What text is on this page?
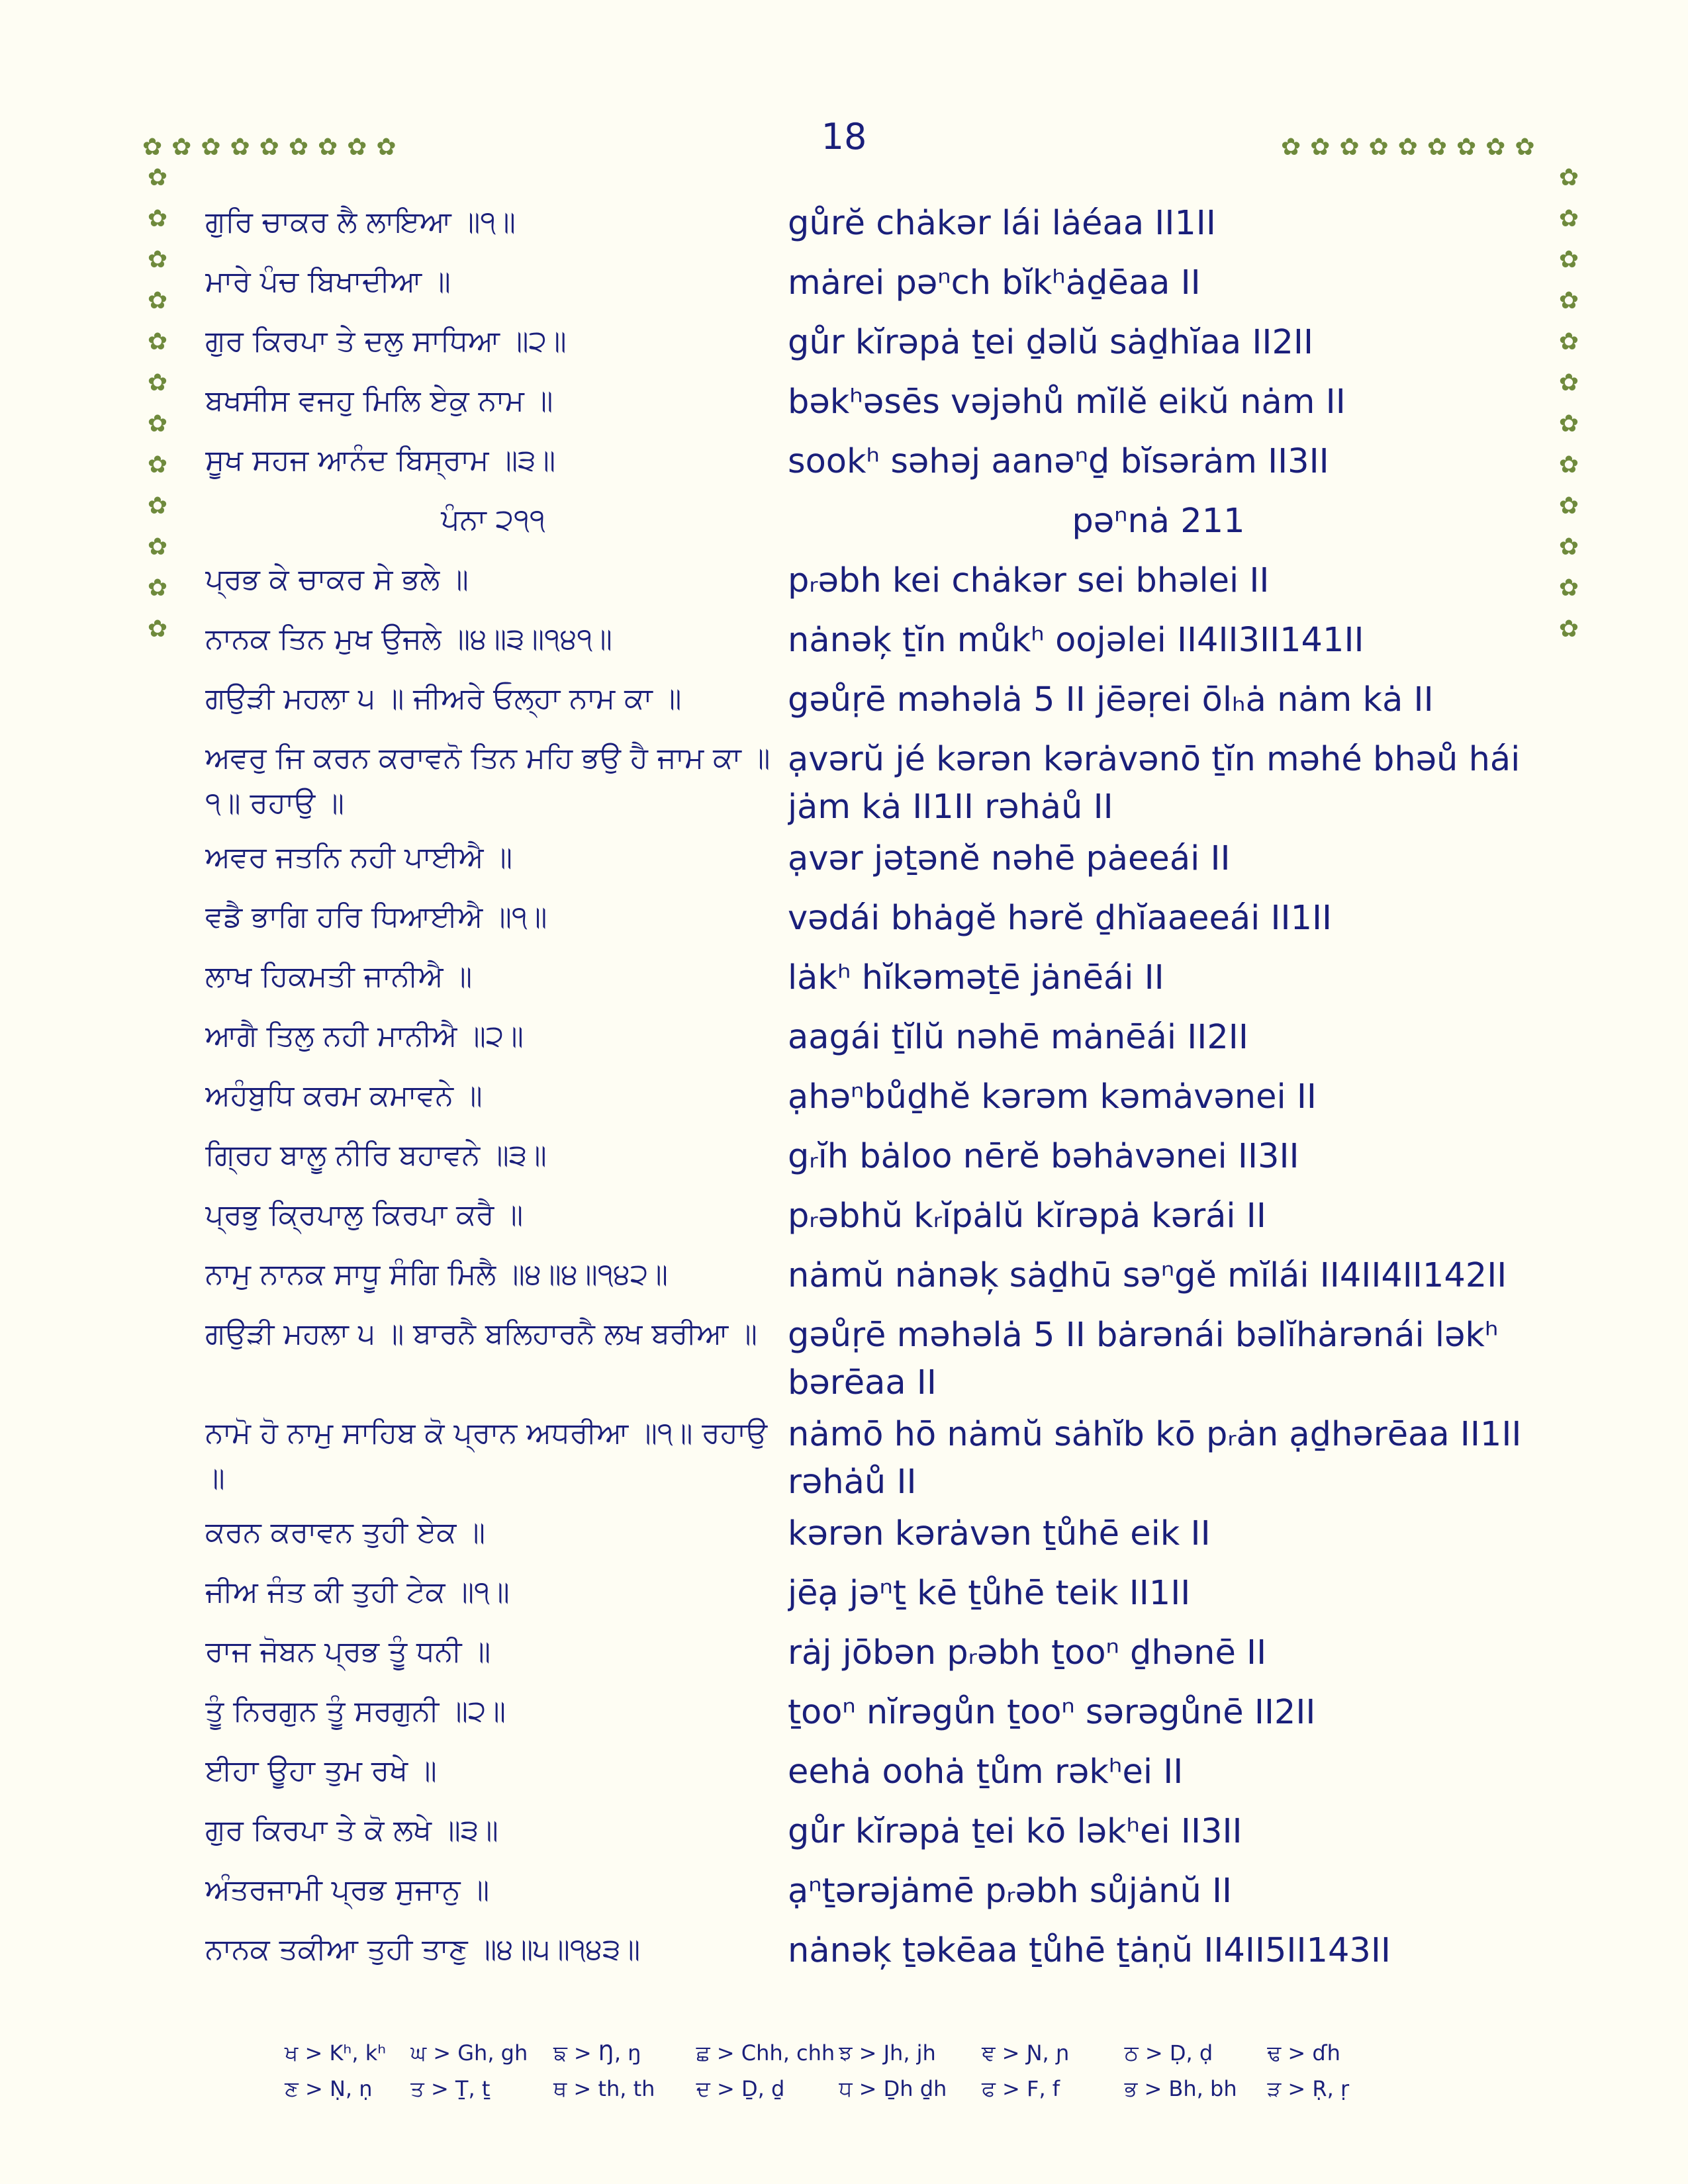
18
✿✿✿✿✿✿✿✿✿	✿✿✿✿✿✿✿✿✿
✿
✿
✿
✿
✿
✿
✿
✿
✿
✿
✿
✿
✿
✿
✿
✿
✿
✿
✿
✿
✿
✿
✿
✿
ਗੁਰਿ ਚਾਕਰ ਲੈ ਲਾਇਆ ॥੧॥	gůrĕ chȧkər lái lȧéaa II1II
ਮਾਰੇ ਪੰਚ ਬਿਖਾਦੀਆ ॥	mȧrei pəⁿch bĭkʰȧḏēaa II
ਗੁਰ ਕਿਰਪਾ ਤੇ ਦਲੁ ਸਾਧਿਆ ॥੨॥	gůr kĭrəpȧ ṯei ḏəlŭ sȧḏhĭaa II2II
ਬਖਸੀਸ ਵਜਹੁ ਮਿਲਿ ਏਕੁ ਨਾਮ ॥	bəkʰəsēs vəjəhů mĭlĕ eikŭ nȧm II
ਸੂਖ ਸਹਜ ਆਨੰਦ ਬਿਸ੍ਰਾਮ ॥੩॥	sookʰ səhəj aanəⁿḏ bĭsərȧm II3II
ਪੰਨਾ ੨੧੧	pəⁿnȧ 211
ਪ੍ਰਭ ਕੇ ਚਾਕਰ ਸੇ ਭਲੇ ॥	pᵣəbh kei chȧkər sei bhəlei II
ਨਾਨਕ ਤਿਨ ਮੁਖ ਉਜਲੇ ॥੪॥੩॥੧੪੧॥	nȧnəķ ṯĭn můkʰ oojəlei II4II3II141II
ਗਉੜੀ ਮਹਲਾ ੫ ॥ ਜੀਅਰੇ ਓਲ੍ਹਾ ਨਾਮ ਕਾ ॥	gəůṛē məhəlȧ 5 II jēəṛei ōlₕȧ nȧm kȧ II
ਅਵਰੁ ਜਿ ਕਰਨ ਕਰਾਵਨੋ ਤਿਨ ਮਹਿ ਭਉ ਹੈ ਜਾਮ ਕਾ ॥੧॥ ਰਹਾਉ ॥
ạvərŭ jé kərən kərȧvənō ṯĭn məhé bhəů hái jȧm kȧ II1II rəhȧů II
ਅਵਰ ਜਤਨਿ ਨਹੀ ਪਾਈਐ ॥	ạvər jəṯənĕ nəhē pȧeeái II
ਵਡੈ ਭਾਗਿ ਹਰਿ ਧਿਆਈਐ ॥੧॥	vədái bhȧgĕ hərĕ ḏhĭaaeeái II1II
ਲਾਖ ਹਿਕਮਤੀ ਜਾਨੀਐ ॥	lȧkʰ hĭkəməṯē jȧnēái II
ਆਗੈ ਤਿਲੁ ਨਹੀ ਮਾਨੀਐ ॥੨॥	aagái ṯĭlŭ nəhē mȧnēái II2II
ਅਹੰਬੁਧਿ ਕਰਮ ਕਮਾਵਨੇ ॥	ạhəⁿbůḏhĕ kərəm kəmȧvənei II
ਗ੍ਰਿਹ ਬਾਲੂ ਨੀਰਿ ਬਹਾਵਨੇ ॥੩॥	gᵣĭh bȧloo nērĕ bəhȧvənei II3II
ਪ੍ਰਭੁ ਕ੍ਰਿਪਾਲੁ ਕਿਰਪਾ ਕਰੈ ॥	pᵣəbhŭ kᵣĭpȧlŭ kĭrəpȧ kərái II
ਨਾਮੁ ਨਾਨਕ ਸਾਧੂ ਸੰਗਿ ਮਿਲੈ ॥੪॥੪॥੧੪੨॥	nȧmŭ nȧnəķ sȧḏhū səⁿgĕ mĭlái II4II4II142II
ਗਉੜੀ ਮਹਲਾ ੫ ॥ ਬਾਰਨੈ ਬਲਿਹਾਰਨੈ ਲਖ ਬਰੀਆ ॥ gəůṛē məhəlȧ 5 II bȧrənái bəlĭhȧrənái ləkʰ bərēaa II
ਨਾਮੋ ਹੋ ਨਾਮੁ ਸਾਹਿਬ ਕੋ ਪ੍ਰਾਨ ਅਧਰੀਆ ॥੧॥ ਰਹਾਉ ॥
nȧmō hō nȧmŭ sȧhĭb kō pᵣȧn ạḏhərēaa II1II rəhȧů II
ਕਰਨ ਕਰਾਵਨ ਤੁਹੀ ਏਕ ॥	kərən kərȧvən ṯůhē eik II
ਜੀਅ ਜੰਤ ਕੀ ਤੁਹੀ ਟੇਕ ॥੧॥	jēạ jəⁿṯ kē ṯůhē teik II1II
ਰਾਜ ਜੋਬਨ ਪ੍ਰਭ ਤੂੰ ਧਨੀ ॥	rȧj jōbən pᵣəbh ṯooⁿ ḏhənē II
ਤੂੰ ਨਿਰਗੁਨ ਤੂੰ ਸਰਗੁਨੀ ॥੨॥	ṯooⁿ nĭrəgůn ṯooⁿ sərəgůnē II2II
ਈਹਾ ਊਹਾ ਤੁਮ ਰਖੇ ॥	eehȧ oohȧ ṯům rəkʰei II
ਗੁਰ ਕਿਰਪਾ ਤੇ ਕੋ ਲਖੇ ॥੩॥	gůr kĭrəpȧ ṯei kō ləkʰei II3II
ਅੰਤਰਜਾਮੀ ਪ੍ਰਭ ਸੁਜਾਨੁ ॥	ạⁿṯərəjȧmē pᵣəbh sůjȧnŭ II
ਨਾਨਕ ਤਕੀਆ ਤੁਹੀ ਤਾਣੁ ॥੪॥੫॥੧੪੩॥	nȧnəķ ṯəkēaa ṯůhē ṯȧṇŭ II4II5II143II
ਖ > Kʰ, kʰ	ਘ > Gh, gh	ਙ > Ŋ, ŋ	ਛ > Chh, chh ਝ > Jh, jh	ਞ > Ɲ, ɲ	ਠ > Ḍ, ḍ	ਢ > ɗh
ਣ > Ṇ, ṇ	ਤ > Ṯ, ṯ	ਥ > th, th	ਦ > Ḏ, ḏ	ਧ > Ḏh ḏh	ਫ > F, f	ਭ > Bh, bh	ੜ > Ṛ, ṛ
